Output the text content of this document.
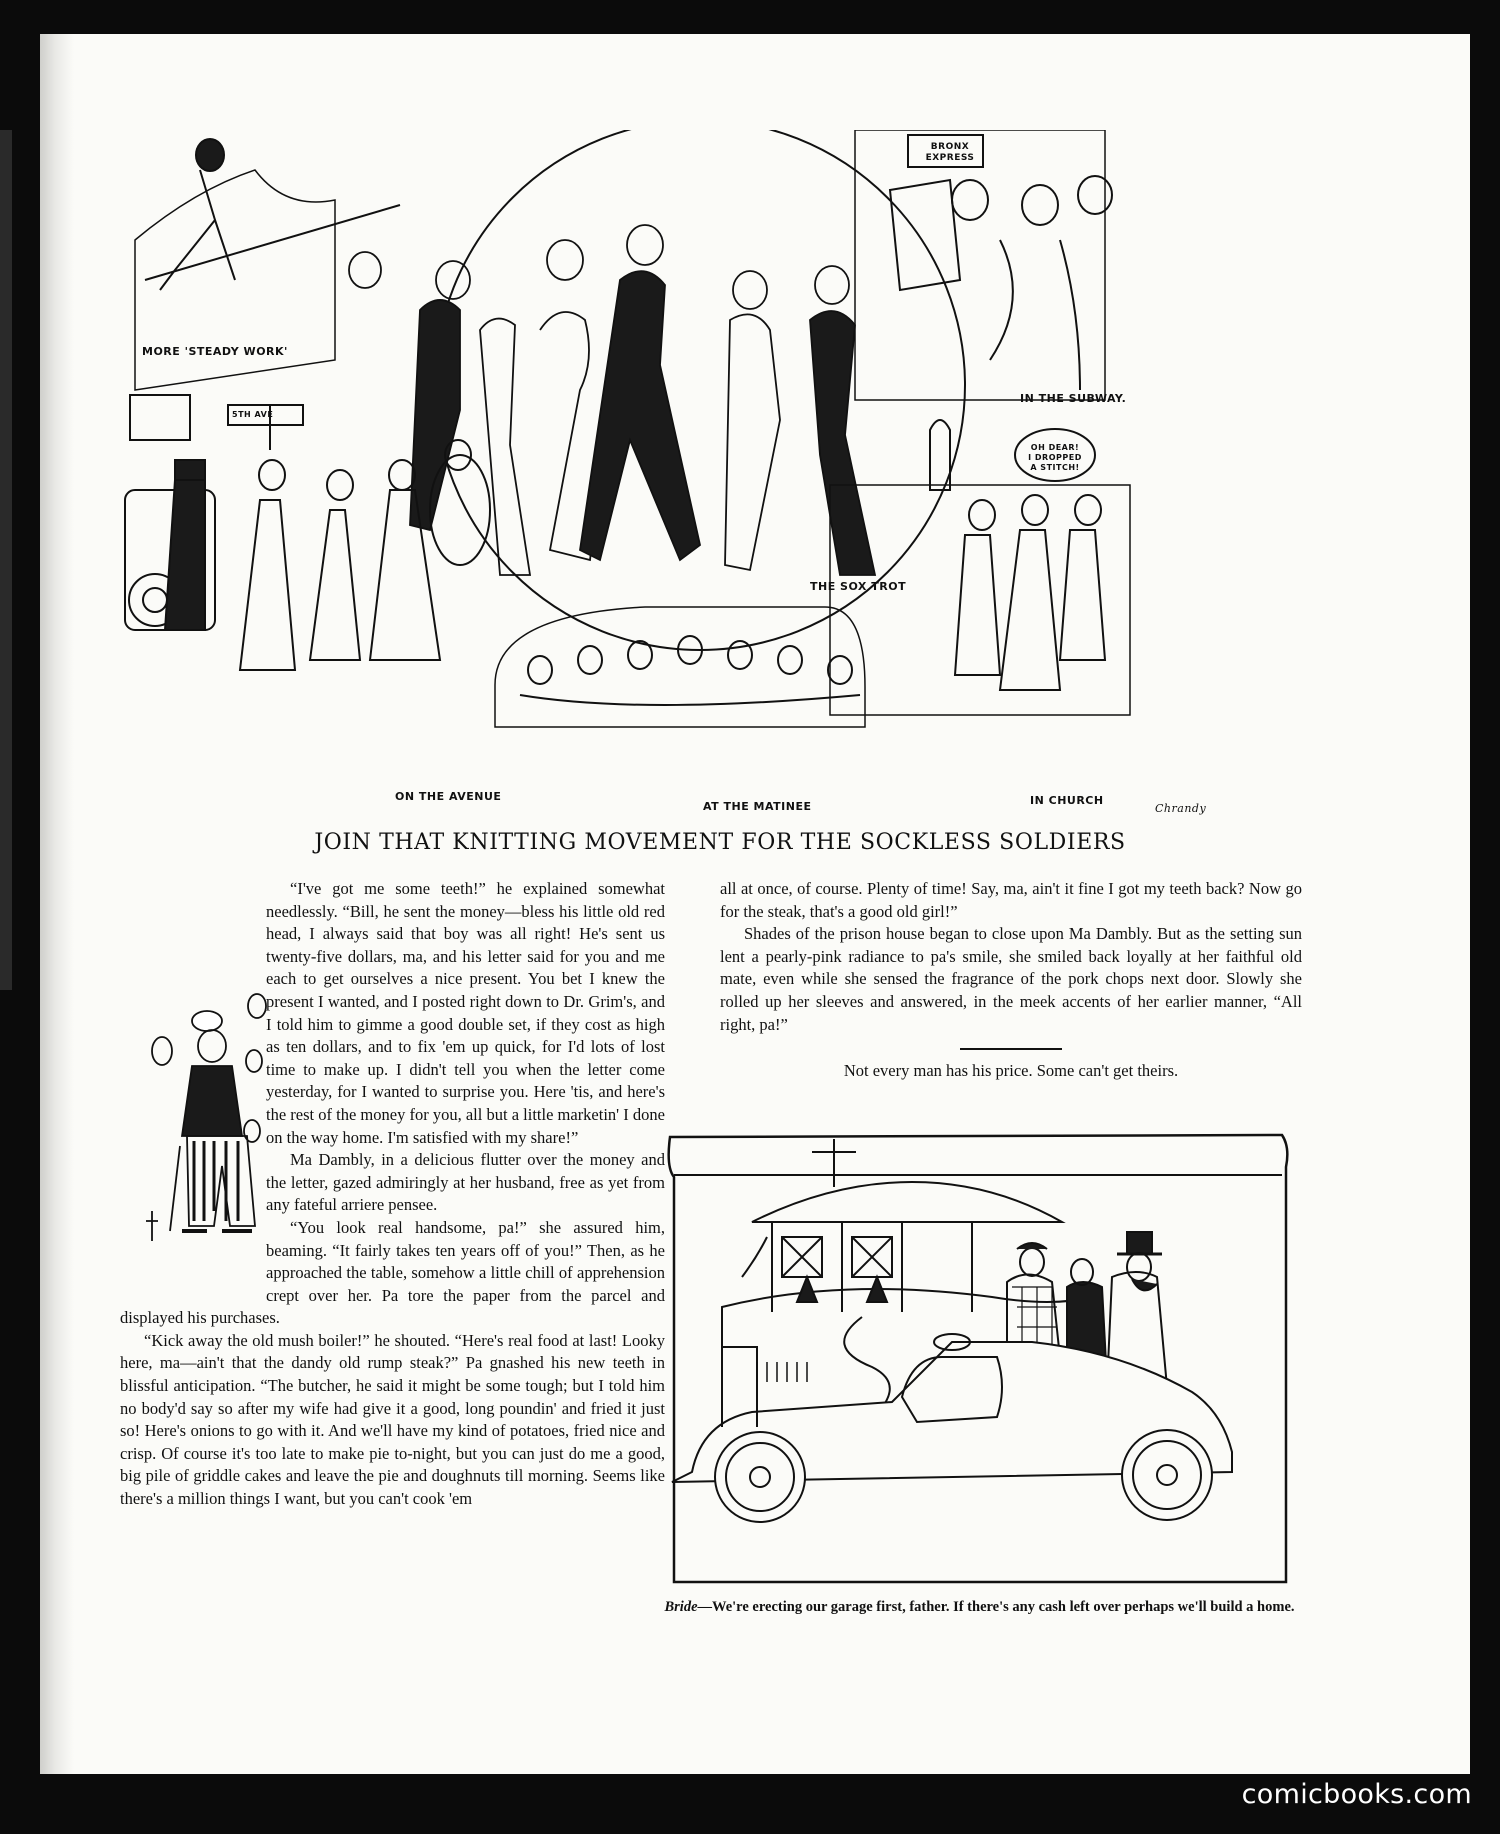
MORE 'STEADY WORK'
THE SOX TROT
IN THE SUBWAY.
ON THE AVENUE
AT THE MATINEE	IN CHURCH
Chrandy
BRONX
EXPRESS
OH DEAR!
I DROPPED
A STITCH!
5TH AVE
JOIN THAT KNITTING MOVEMENT FOR THE SOCKLESS SOLDIERS

“I've got me some teeth!” he explained somewhat needlessly. “Bill, he sent the money—bless his little old red head, I always said that boy was all right! He's sent us twenty-five dollars, ma, and his letter said for you and me each to get ourselves a nice present. You bet I knew the present I wanted, and I posted right down to Dr. Grim's, and I told him to gimme a good double set, if they cost as high as ten dollars, and to fix 'em up quick, for I'd lots of lost time to make up. I didn't tell you when the letter come yesterday, for I wanted to surprise you. Here 'tis, and here's the rest of the money for you, all but a little marketin' I done on the way home. I'm satisfied with my share!”

Ma Dambly, in a delicious flutter over the money and the letter, gazed admiringly at her husband, free as yet from any fateful arriere pensee.

“You look real handsome, pa!” she assured him, beaming. “It fairly takes ten years off of you!” Then, as he approached the table, somehow a little chill of apprehension crept over her. Pa tore the paper from the parcel and displayed his purchases.

“Kick away the old mush boiler!” he shouted. “Here's real food at last! Looky here, ma—ain't that the dandy old rump steak?” Pa gnashed his new teeth in blissful anticipation. “The butcher, he said it might be some tough; but I told him no body'd say so after my wife had give it a good, long poundin' and fried it just so! Here's onions to go with it. And we'll have my kind of potatoes, fried nice and crisp. Of course it's too late to make pie to-night, but you can just do me a good, big pile of griddle cakes and leave the pie and doughnuts till morning. Seems like there's a million things I want, but you can't cook 'em

all at once, of course. Plenty of time! Say, ma, ain't it fine I got my teeth back? Now go for the steak, that's a good old girl!”

Shades of the prison house began to close upon Ma Dambly. But as the setting sun lent a pearly-pink radiance to pa's smile, she smiled back loyally at her faithful old mate, even while she sensed the fragrance of the pork chops next door. Slowly she rolled up her sleeves and answered, in the meek accents of her earlier manner, “All right, pa!”

Not every man has his price. Some can't get theirs.

Bride—We're erecting our garage first, father. If there's any cash left over perhaps we'll build a home.
comicbooks.com
